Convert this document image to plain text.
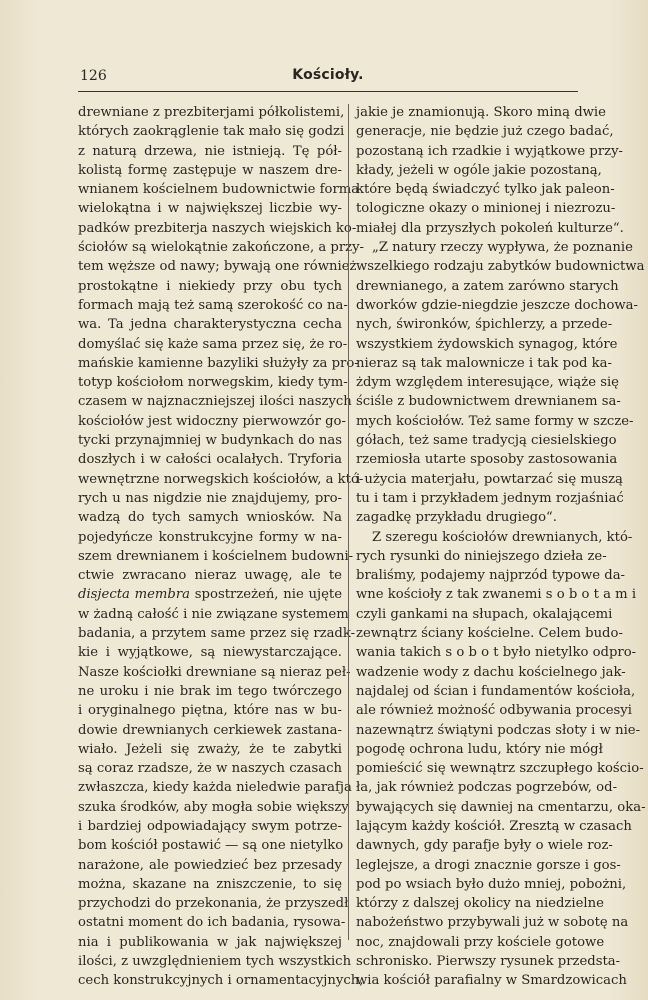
126	Kościoły.
drewniane z prezbiterjami półkolistemi,
których zaokrąglenie tak mało się godzi
z naturą drzewa, nie istnieją. Tę pół-
kolistą formę zastępuje w naszem dre-
wnianem kościelnem budownictwie forma
wielokątna i w największej liczbie wy-
padków prezbiterja naszych wiejskich ko-
ściołów są wielokątnie zakończone, a przy-
tem węższe od nawy; bywają one również
prostokątne i niekiedy przy obu tych
formach mają też samą szerokość co na-
wa. Ta jedna charakterystyczna cecha
domyślać się każe sama przez się, że ro-
mańskie kamienne bazyliki służyły za pro-
totyp kościołom norwegskim, kiedy tym-
czasem w najznaczniejszej ilości naszych
kościołów jest widoczny pierwowzór go-
tycki przynajmniej w budynkach do nas
doszłych i w całości ocalałych. Tryforia
wewnętrzne norwegskich kościołów, a któ-
rych u nas nigdzie nie znajdujemy, pro-
wadzą do tych samych wniosków. Na
pojedyńcze konstrukcyjne formy w na-
szem drewnianem i kościelnem budowni-
ctwie zwracano nieraz uwagę, ale te
disjecta membra spostrzeżeń, nie ujęte
w żadną całość i nie związane systemem
badania, a przytem same przez się rzadk-
kie i wyjątkowe, są niewystarczające.
Nasze kościołki drewniane są nieraz peł-
ne uroku i nie brak im tego twórczego
i oryginalnego piętna, które nas w bu-
dowie drewnianych cerkiewek zastana-
wiało. Jeżeli się zważy, że te zabytki
są coraz rzadsze, że w naszych czasach
zwłaszcza, kiedy każda nieledwie parafja
szuka środków, aby mogła sobie większy
i bardziej odpowiadający swym potrze-
bom kościół postawić — są one nietylko
narażone, ale powiedzieć bez przesady
można, skazane na zniszczenie, to się
przychodzi do przekonania, że przyszedł
ostatni moment do ich badania, rysowa-
nia i publikowania w jak największej
ilości, z uwzględnieniem tych wszystkich
cech konstrukcyjnych i ornamentacyjnych,
jakie je znamionują. Skoro miną dwie
generacje, nie będzie już czego badać,
pozostaną ich rzadkie i wyjątkowe przy-
kłady, jeżeli w ogóle jakie pozostaną,
które będą świadczyć tylko jak paleon-
tologiczne okazy o minionej i niezrozu-
miałej dla przyszłych pokoleń kulturze“.
„Z natury rzeczy wypływa, że poznanie
wszelkiego rodzaju zabytków budownictwa
drewnianego, a zatem zarówno starych
dworków gdzie-niegdzie jeszcze dochowa-
nych, świronków, śpichlerzy, a przede-
wszystkiem żydowskich synagog, które
nieraz są tak malownicze i tak pod ka-
żdym względem interesujące, wiąże się
ściśle z budownictwem drewnianem sa-
mych kościołów. Też same formy w szcze-
gółach, też same tradycją ciesielskiego
rzemiosła utarte sposoby zastosowania
i użycia materjału, powtarzać się muszą
tu i tam i przykładem jednym rozjaśniać
zagadkę przykładu drugiego“.
Z szeregu kościołów drewnianych, któ-
rych rysunki do niniejszego dzieła ze-
braliśmy, podajemy najprzód typowe da-
wne kościoły z tak zwanemi s o b o t a m i
czyli gankami na słupach, okalającemi
zewnątrz ściany kościelne. Celem budo-
wania takich s o b o t było nietylko odpro-
wadzenie wody z dachu kościelnego jak-
najdalej od ścian i fundamentów kościoła,
ale również możność odbywania procesyi
nazewnątrz świątyni podczas słoty i w nie-
pogodę ochrona ludu, który nie mógł
pomieścić się wewnątrz szczupłego kościo-
ła, jak również podczas pogrzebów, od-
bywających się dawniej na cmentarzu, oka-
lającym każdy kościół. Zresztą w czasach
dawnych, gdy parafje były o wiele roz-
leglejsze, a drogi znacznie gorsze i gos-
pod po wsiach było dużo mniej, pobożni,
którzy z dalszej okolicy na niedzielne
nabożeństwo przybywali już w sobotę na
noc, znajdowali przy kościele gotowe
schronisko. Pierwszy rysunek przedsta-
wia kościół parafialny w Smardzowicach
